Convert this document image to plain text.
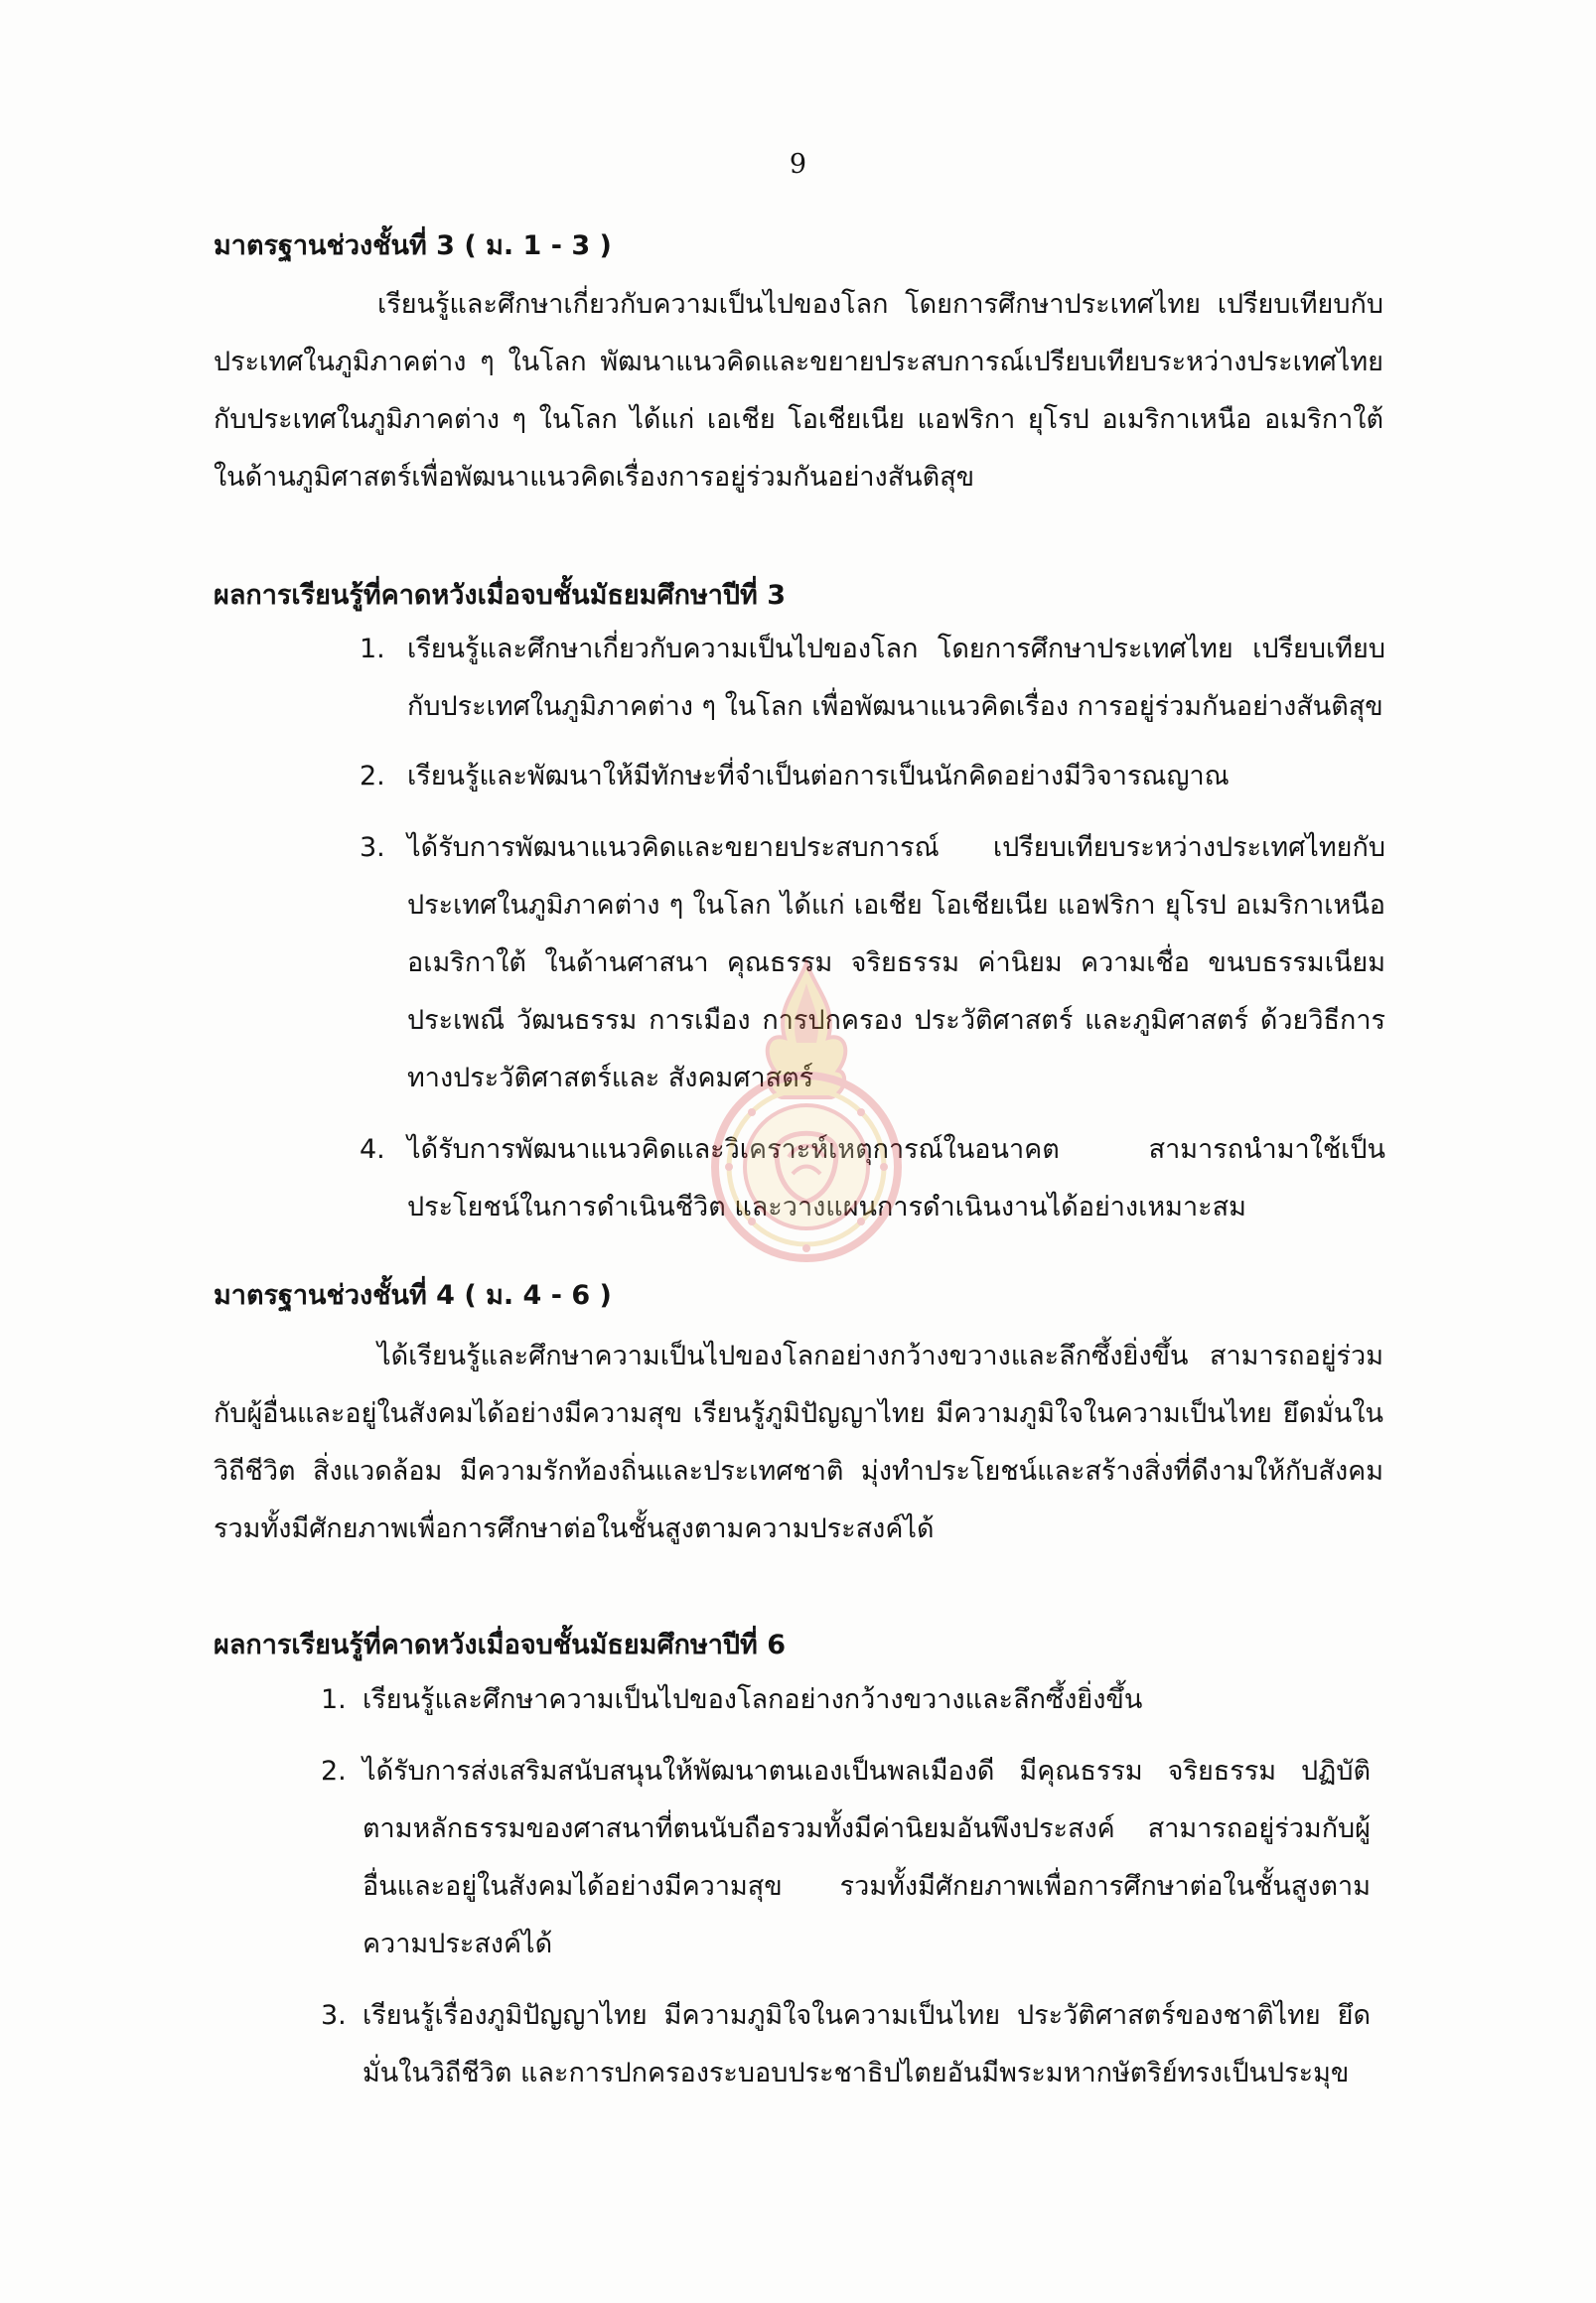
9
มาตรฐานช่วงชั้นที่ 3 ( ม. 1 - 3 )
เรียนรู้และศึกษาเกี่ยวกับความเป็นไปของโลก โดยการศึกษาประเทศไทย เปรียบเทียบกับประเทศในภูมิภาคต่าง ๆ ในโลก พัฒนาแนวคิดและขยายประสบการณ์เปรียบเทียบระหว่างประเทศไทยกับประเทศในภูมิภาคต่าง ๆ ในโลก ได้แก่ เอเชีย โอเชียเนีย แอฟริกา ยุโรป อเมริกาเหนือ อเมริกาใต้ ในด้านภูมิศาสตร์เพื่อพัฒนาแนวคิดเรื่องการอยู่ร่วมกันอย่างสันติสุข
ผลการเรียนรู้ที่คาดหวังเมื่อจบชั้นมัธยมศึกษาปีที่ 3
1. เรียนรู้และศึกษาเกี่ยวกับความเป็นไปของโลก โดยการศึกษาประเทศไทย เปรียบเทียบกับประเทศในภูมิภาคต่าง ๆ ในโลก เพื่อพัฒนาแนวคิดเรื่อง การอยู่ร่วมกันอย่างสันติสุข
2. เรียนรู้และพัฒนาให้มีทักษะที่จำเป็นต่อการเป็นนักคิดอย่างมีวิจารณญาณ
3. ได้รับการพัฒนาแนวคิดและขยายประสบการณ์ เปรียบเทียบระหว่างประเทศไทยกับประเทศในภูมิภาคต่าง ๆ ในโลก ได้แก่ เอเชีย โอเชียเนีย แอฟริกา ยุโรป อเมริกาเหนือ อเมริกาใต้ ในด้านศาสนา คุณธรรม จริยธรรม ค่านิยม ความเชื่อ ขนบธรรมเนียม ประเพณี วัฒนธรรม การเมือง การปกครอง ประวัติศาสตร์ และภูมิศาสตร์ ด้วยวิธีการทางประวัติศาสตร์และ สังคมศาสตร์
4. ได้รับการพัฒนาแนวคิดและวิเคราะห์เหตุการณ์ในอนาคต สามารถนำมาใช้เป็นประโยชน์ในการดำเนินชีวิต และวางแผนการดำเนินงานได้อย่างเหมาะสม
มาตรฐานช่วงชั้นที่ 4 ( ม. 4 - 6 )
ได้เรียนรู้และศึกษาความเป็นไปของโลกอย่างกว้างขวางและลึกซึ้งยิ่งขึ้น สามารถอยู่ร่วมกับผู้อื่นและอยู่ในสังคมได้อย่างมีความสุข เรียนรู้ภูมิปัญญาไทย มีความภูมิใจในความเป็นไทย ยึดมั่นในวิถีชีวิต สิ่งแวดล้อม มีความรักท้องถิ่นและประเทศชาติ มุ่งทำประโยชน์และสร้างสิ่งที่ดีงามให้กับสังคม รวมทั้งมีศักยภาพเพื่อการศึกษาต่อในชั้นสูงตามความประสงค์ได้
ผลการเรียนรู้ที่คาดหวังเมื่อจบชั้นมัธยมศึกษาปีที่ 6
1. เรียนรู้และศึกษาความเป็นไปของโลกอย่างกว้างขวางและลึกซึ้งยิ่งขึ้น
2. ได้รับการส่งเสริมสนับสนุนให้พัฒนาตนเองเป็นพลเมืองดี มีคุณธรรม จริยธรรม ปฏิบัติตามหลักธรรมของศาสนาที่ตนนับถือรวมทั้งมีค่านิยมอันพึงประสงค์ สามารถอยู่ร่วมกับผู้อื่นและอยู่ในสังคมได้อย่างมีความสุข รวมทั้งมีศักยภาพเพื่อการศึกษาต่อในชั้นสูงตามความประสงค์ได้
3. เรียนรู้เรื่องภูมิปัญญาไทย มีความภูมิใจในความเป็นไทย ประวัติศาสตร์ของชาติไทย ยึดมั่นในวิถีชีวิต และการปกครองระบอบประชาธิปไตยอันมีพระมหากษัตริย์ทรงเป็นประมุข
